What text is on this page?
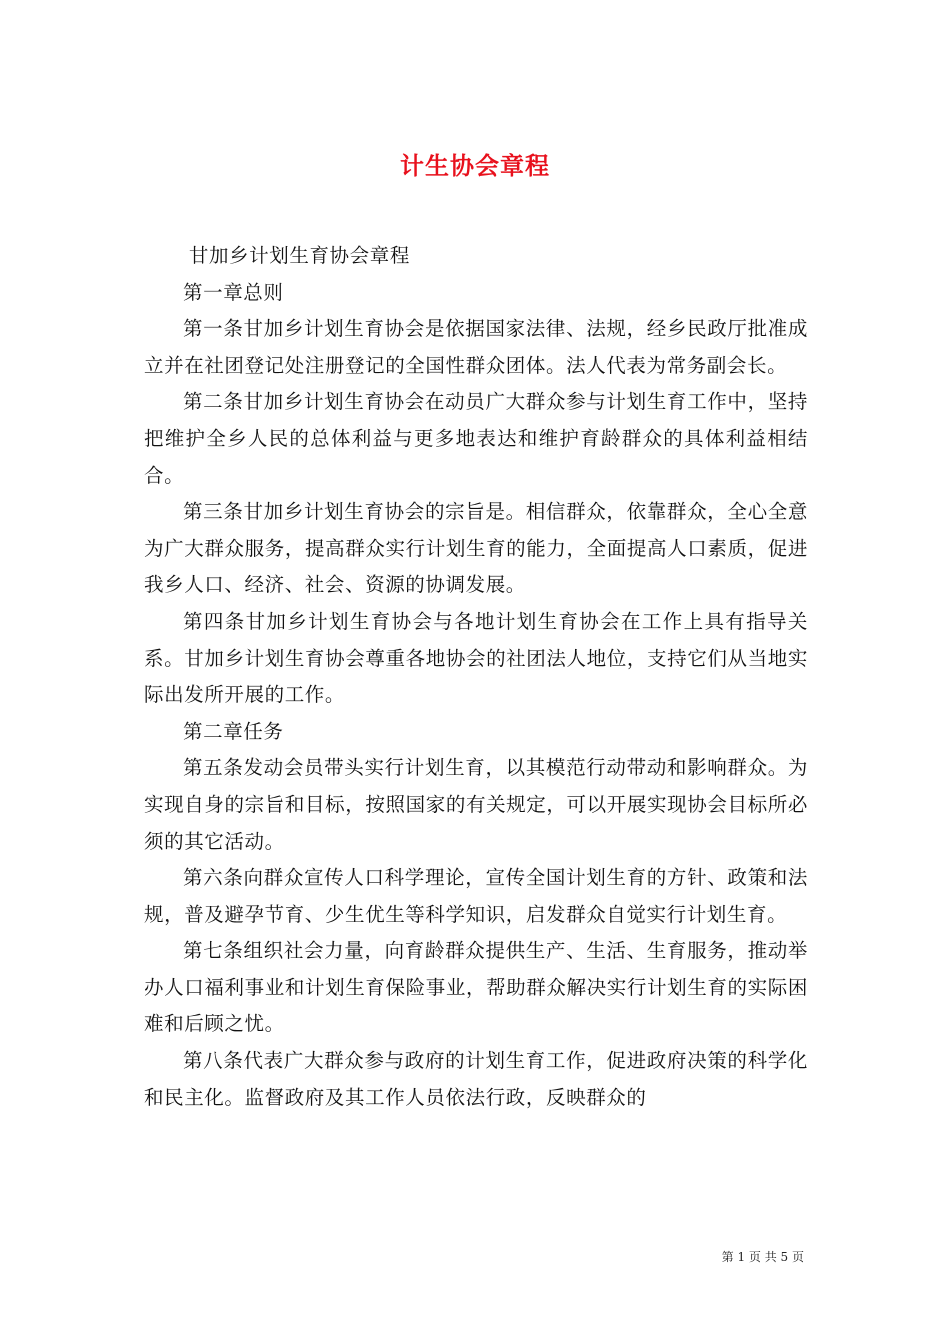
计生协会章程

甘加乡计划生育协会章程

第一章总则

第一条甘加乡计划生育协会是依据国家法律、法规，经乡民政厅批准成立并在社团登记处注册登记的全国性群众团体。法人代表为常务副会长。

第二条甘加乡计划生育协会在动员广大群众参与计划生育工作中，坚持把维护全乡人民的总体利益与更多地表达和维护育龄群众的具体利益相结合。

第三条甘加乡计划生育协会的宗旨是。相信群众，依靠群众，全心全意为广大群众服务，提高群众实行计划生育的能力，全面提高人口素质，促进我乡人口、经济、社会、资源的协调发展。

第四条甘加乡计划生育协会与各地计划生育协会在工作上具有指导关系。甘加乡计划生育协会尊重各地协会的社团法人地位，支持它们从当地实际出发所开展的工作。

第二章任务

第五条发动会员带头实行计划生育，以其模范行动带动和影响群众。为实现自身的宗旨和目标，按照国家的有关规定，可以开展实现协会目标所必须的其它活动。

第六条向群众宣传人口科学理论，宣传全国计划生育的方针、政策和法规，普及避孕节育、少生优生等科学知识，启发群众自觉实行计划生育。

第七条组织社会力量，向育龄群众提供生产、生活、生育服务，推动举办人口福利事业和计划生育保险事业，帮助群众解决实行计划生育的实际困难和后顾之忧。

第八条代表广大群众参与政府的计划生育工作，促进政府决策的科学化和民主化。监督政府及其工作人员依法行政，反映群众的

第 1 页 共 5 页
